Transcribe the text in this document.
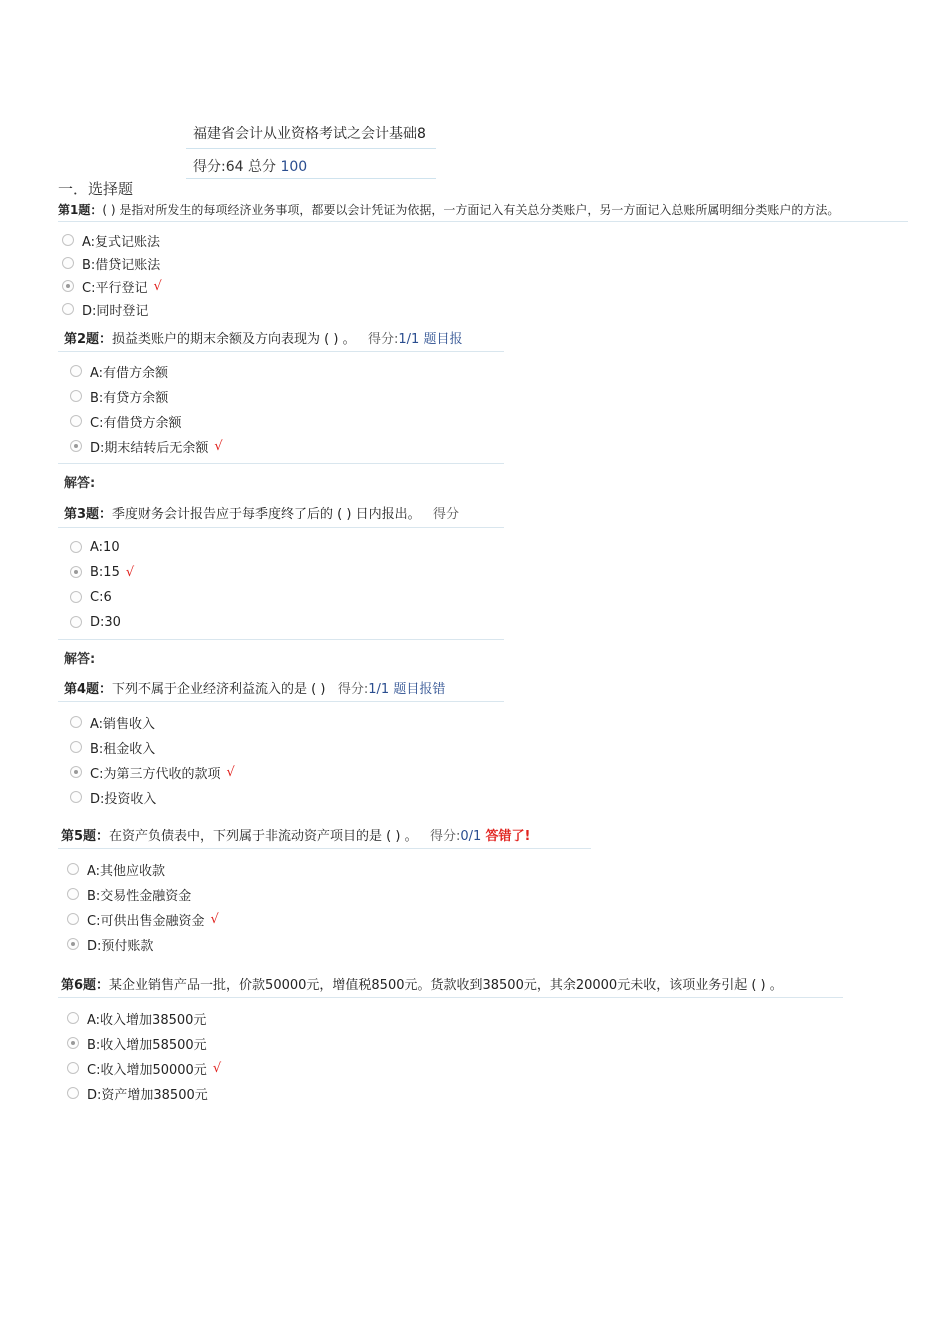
福建省会计从业资格考试之会计基础8
得分:64 总分 100
一．选择题
第1题：( ) 是指对所发生的每项经济业务事项，都要以会计凭证为依据，一方面记入有关总分类账户，另一方面记入总账所属明细分类账户的方法。
A:复式记账法
B:借贷记账法
C:平行登记 √
D:同时登记
第2题：损益类账户的期末余额及方向表现为 ( ) 。 得分:1/1 题目报
A:有借方余额
B:有贷方余额
C:有借贷方余额
D:期末结转后无余额 √
解答:
第3题：季度财务会计报告应于每季度终了后的 ( ) 日内报出。 得分
A:10
B:15 √
C:6
D:30
解答:
第4题：下列不属于企业经济利益流入的是 ( ) 得分:1/1 题目报错
A:销售收入
B:租金收入
C:为第三方代收的款项 √
D:投资收入
第5题：在资产负债表中，下列属于非流动资产项目的是 ( ) 。 得分:0/1 答错了!
A:其他应收款
B:交易性金融资金
C:可供出售金融资金 √
D:预付账款
第6题：某企业销售产品一批，价款50000元，增值税8500元。货款收到38500元，其余20000元未收，该项业务引起 ( ) 。
A:收入增加38500元
B:收入增加58500元
C:收入增加50000元 √
D:资产增加38500元
